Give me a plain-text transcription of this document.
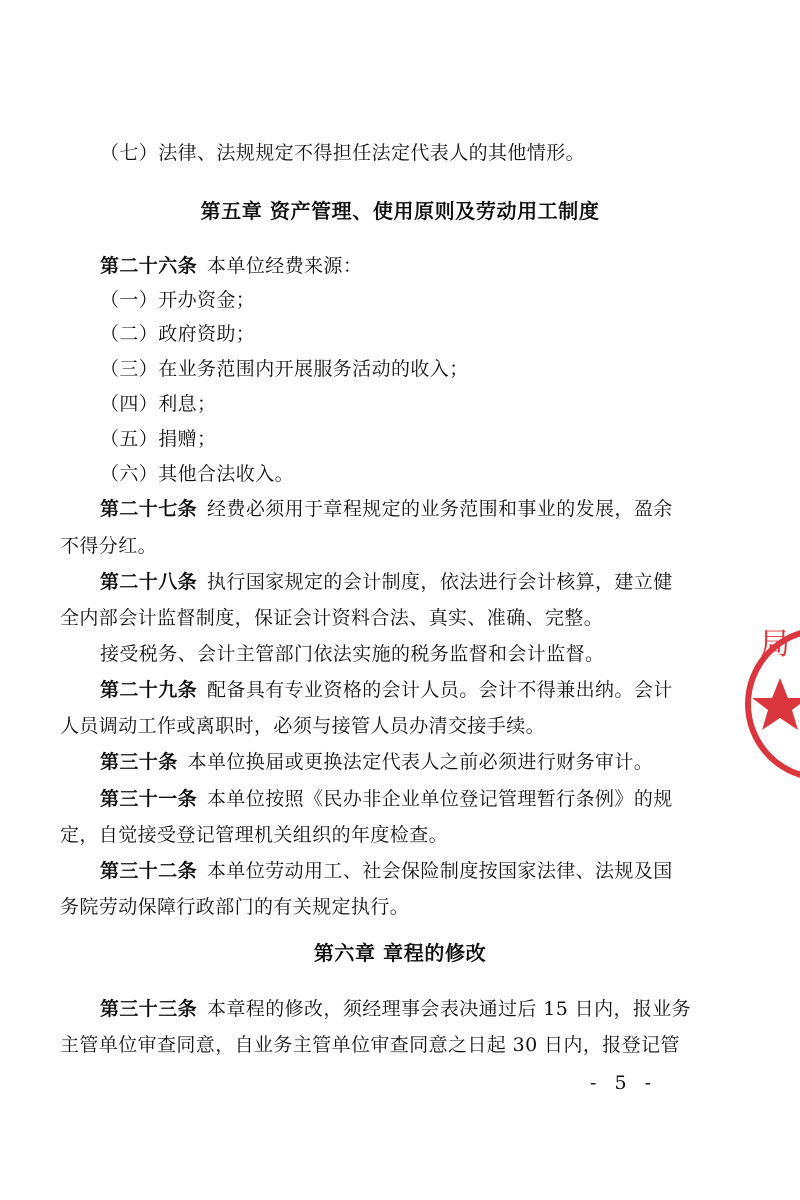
（七）法律、法规规定不得担任法定代表人的其他情形。
第五章 资产管理、使用原则及劳动用工制度
第二十六条 本单位经费来源：
（一）开办资金；
（二）政府资助；
（三）在业务范围内开展服务活动的收入；
（四）利息；
（五）捐赠；
（六）其他合法收入。
第二十七条 经费必须用于章程规定的业务范围和事业的发展，盈余
不得分红。
第二十八条 执行国家规定的会计制度，依法进行会计核算，建立健
全内部会计监督制度，保证会计资料合法、真实、准确、完整。
接受税务、会计主管部门依法实施的税务监督和会计监督。
第二十九条 配备具有专业资格的会计人员。会计不得兼出纳。会计
人员调动工作或离职时，必须与接管人员办清交接手续。
第三十条 本单位换届或更换法定代表人之前必须进行财务审计。
第三十一条 本单位按照《民办非企业单位登记管理暂行条例》的规
定，自觉接受登记管理机关组织的年度检查。
第三十二条 本单位劳动用工、社会保险制度按国家法律、法规及国
务院劳动保障行政部门的有关规定执行。
第六章 章程的修改
第三十三条 本章程的修改，须经理事会表决通过后 15 日内，报业务
主管单位审查同意，自业务主管单位审查同意之日起 30 日内，报登记管
- 5 -
局
